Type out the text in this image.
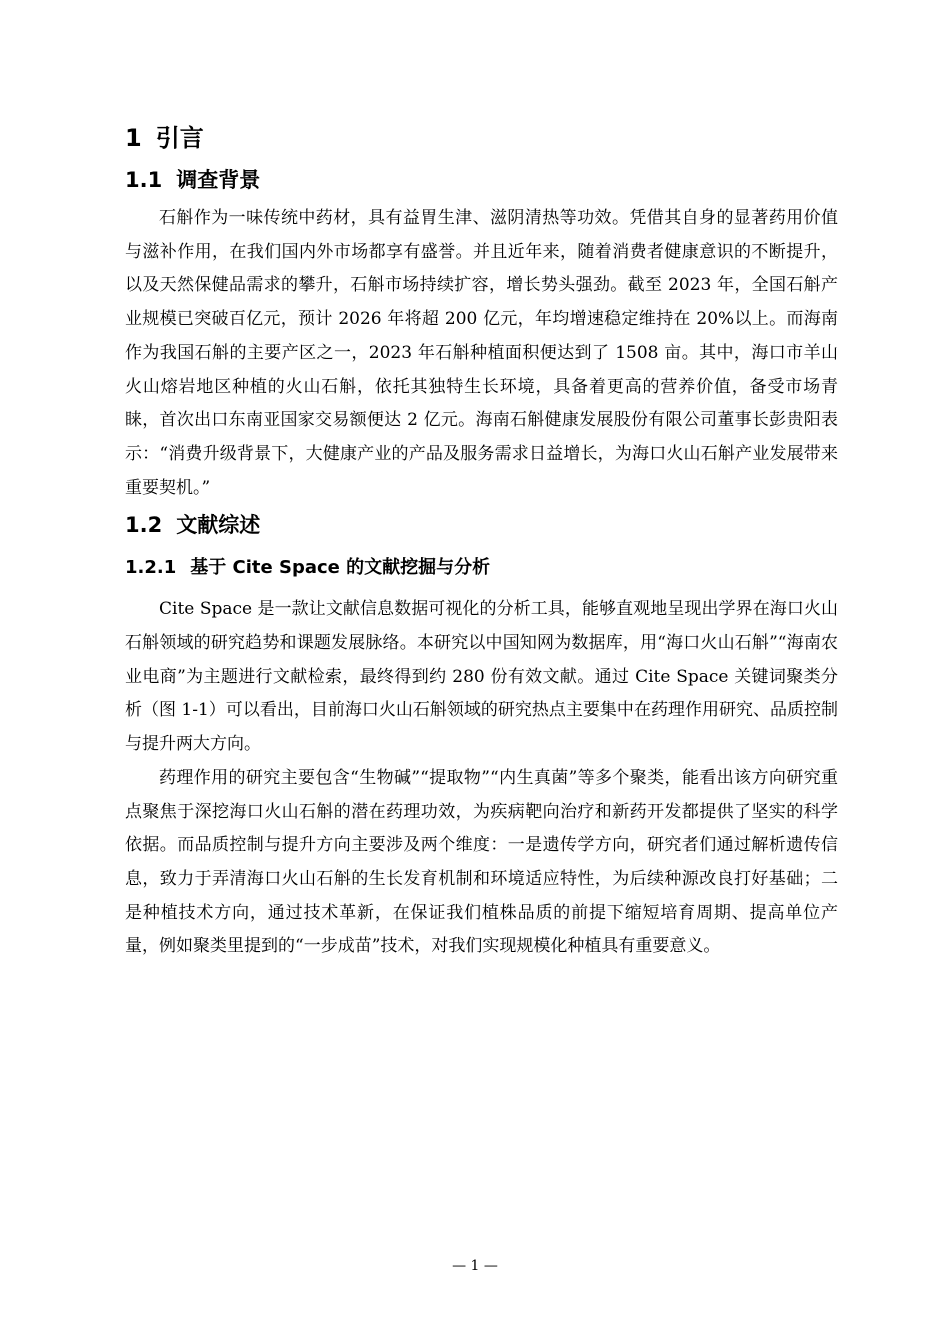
1 引言
1.1 调查背景

石斛作为一味传统中药材，具有益胃生津、滋阴清热等功效。凭借其自身的显著药用价值与滋补作用，在我们国内外市场都享有盛誉。并且近年来，随着消费者健康意识的不断提升，以及天然保健品需求的攀升，石斛市场持续扩容，增长势头强劲。截至 2023 年，全国石斛产业规模已突破百亿元，预计 2026 年将超 200 亿元，年均增速稳定维持在 20%以上。而海南作为我国石斛的主要产区之一，2023 年石斛种植面积便达到了 1508 亩。其中，海口市羊山火山熔岩地区种植的火山石斛，依托其独特生长环境，具备着更高的营养价值，备受市场青睐，首次出口东南亚国家交易额便达 2 亿元。海南石斛健康发展股份有限公司董事长彭贵阳表示：“消费升级背景下，大健康产业的产品及服务需求日益增长，为海口火山石斛产业发展带来重要契机。”

1.2 文献综述
1.2.1 基于 Cite Space 的文献挖掘与分析

Cite Space 是一款让文献信息数据可视化的分析工具，能够直观地呈现出学界在海口火山石斛领域的研究趋势和课题发展脉络。本研究以中国知网为数据库，用“海口火山石斛”“海南农业电商”为主题进行文献检索，最终得到约 280 份有效文献。通过 Cite Space 关键词聚类分析（图 1-1）可以看出，目前海口火山石斛领域的研究热点主要集中在药理作用研究、品质控制与提升两大方向。

药理作用的研究主要包含“生物碱”“提取物”“内生真菌”等多个聚类，能看出该方向研究重点聚焦于深挖海口火山石斛的潜在药理功效，为疾病靶向治疗和新药开发都提供了坚实的科学依据。而品质控制与提升方向主要涉及两个维度：一是遗传学方向，研究者们通过解析遗传信息，致力于弄清海口火山石斛的生长发育机制和环境适应特性，为后续种源改良打好基础；二是种植技术方向，通过技术革新，在保证我们植株品质的前提下缩短培育周期、提高单位产量，例如聚类里提到的“一步成苗”技术，对我们实现规模化种植具有重要意义。

— 1 —
